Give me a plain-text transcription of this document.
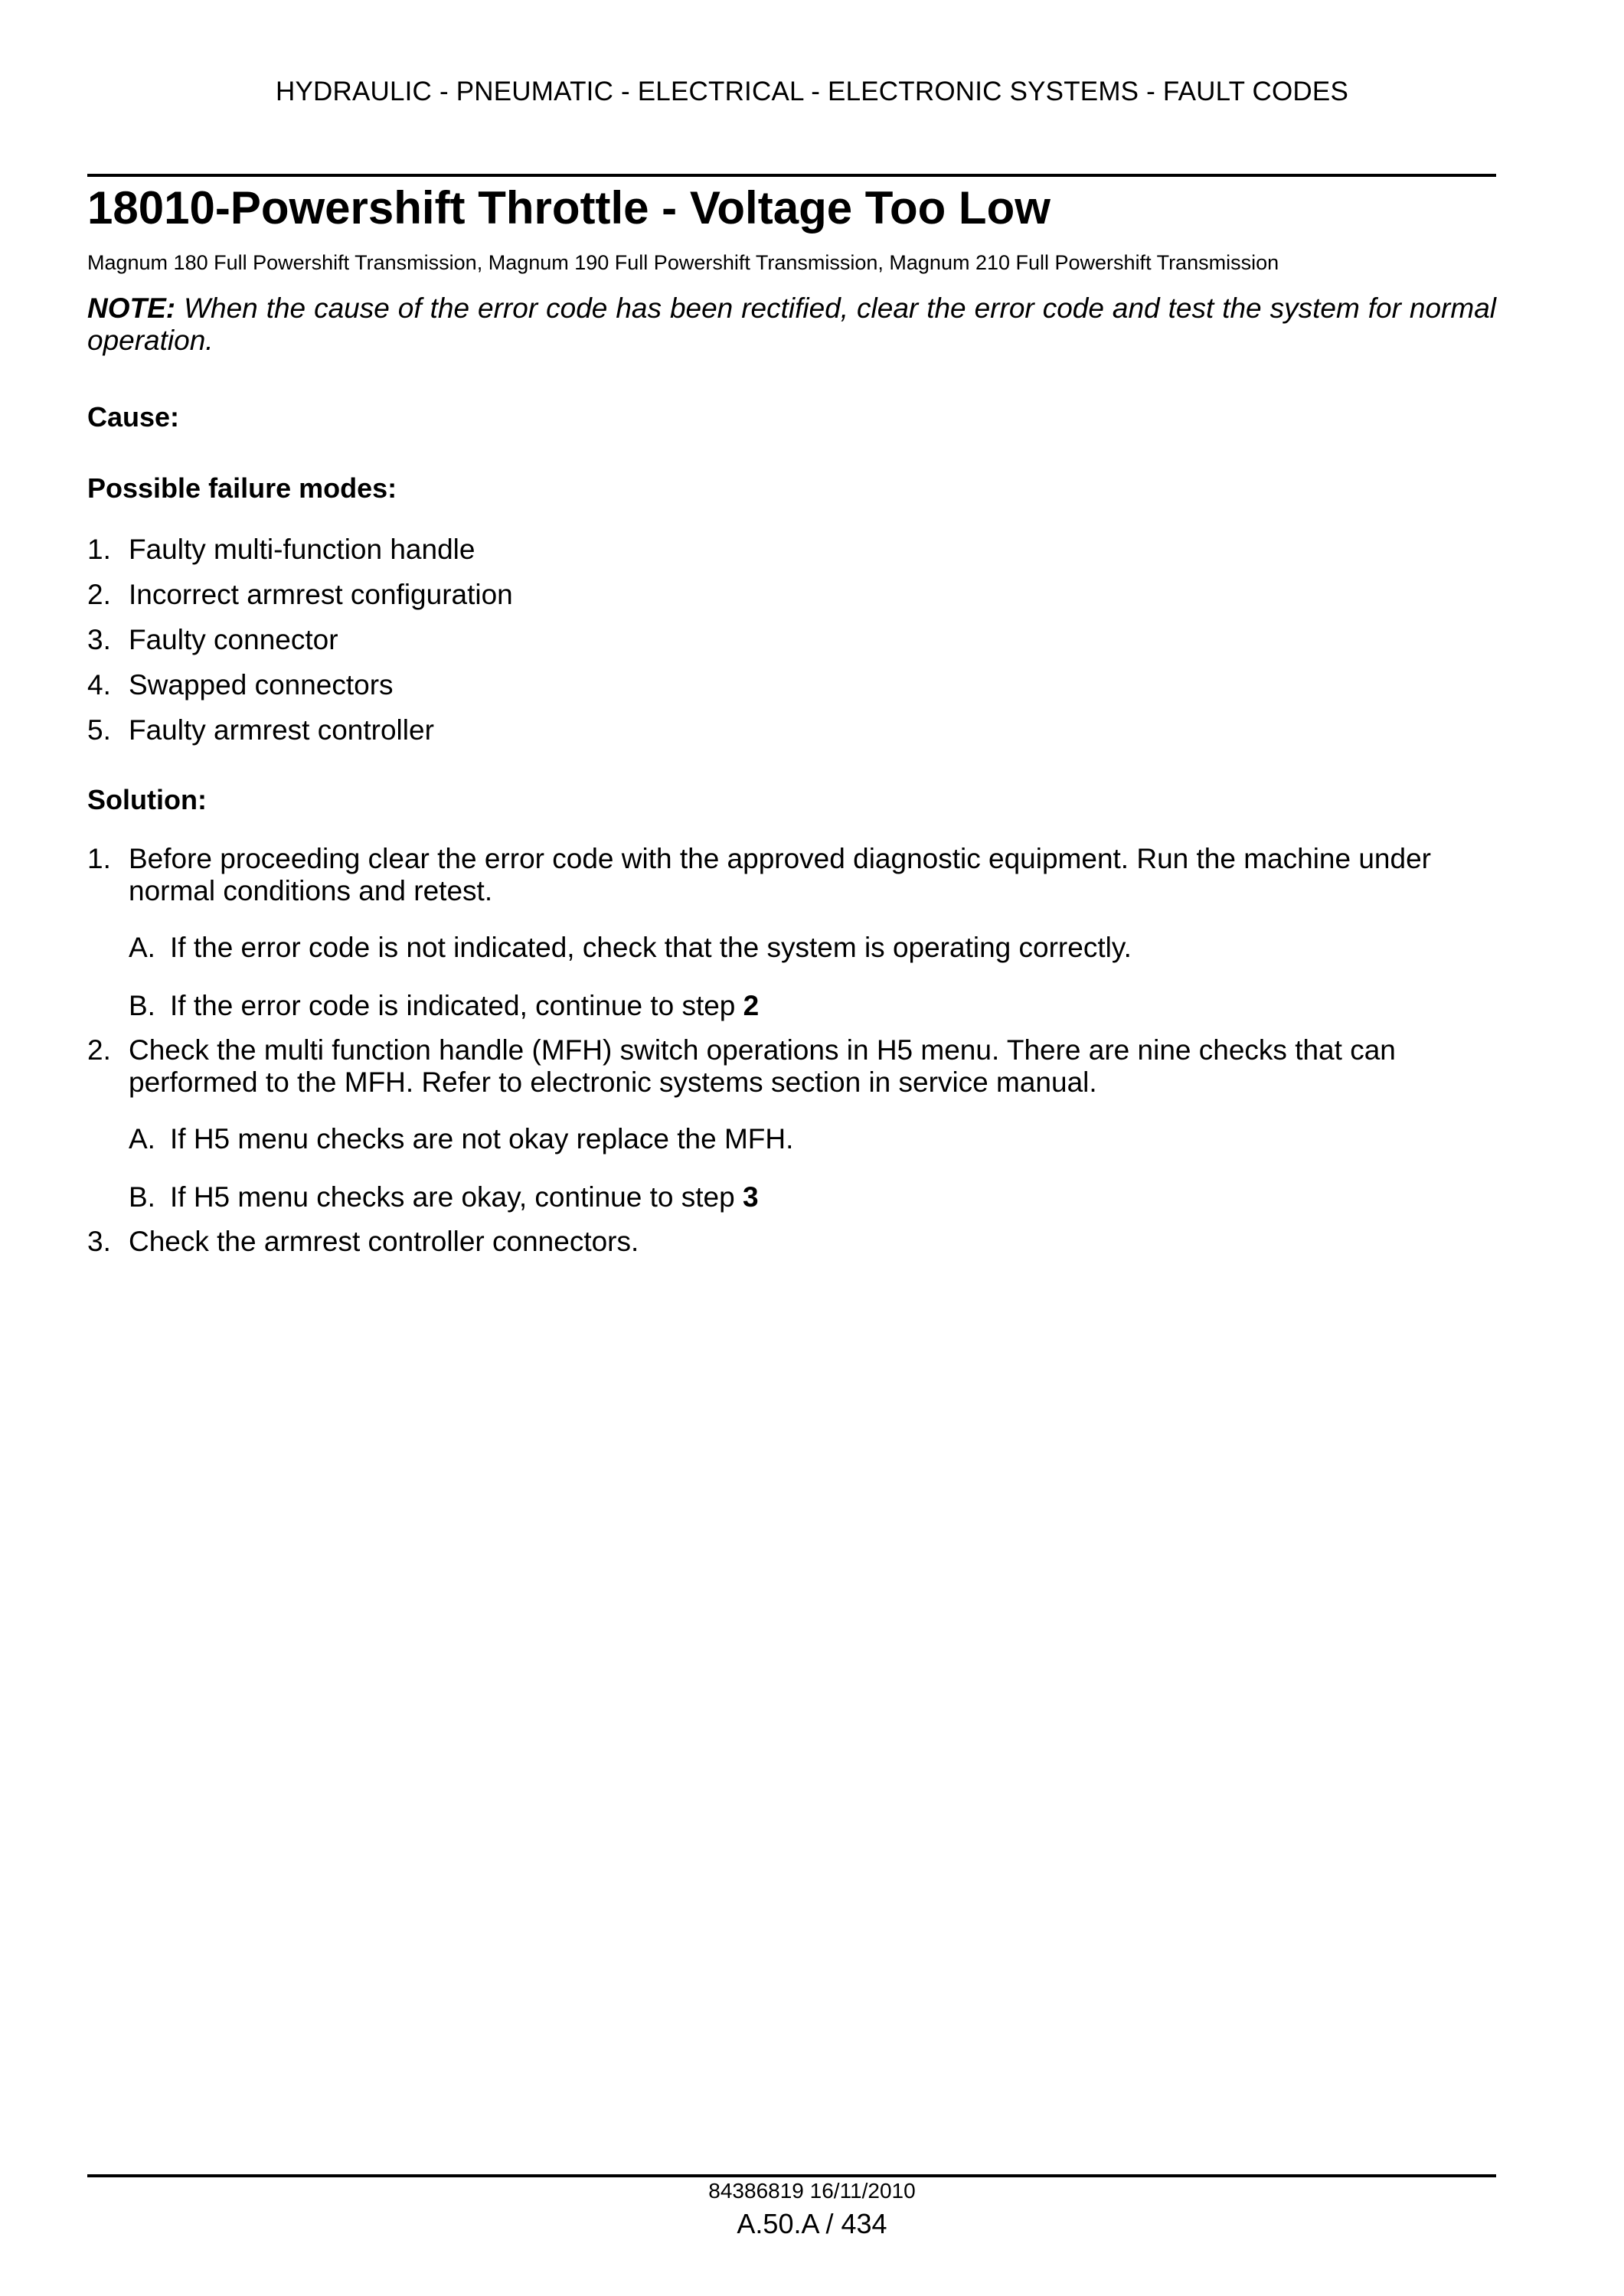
HYDRAULIC - PNEUMATIC - ELECTRICAL - ELECTRONIC SYSTEMS - FAULT CODES
18010-Powershift Throttle - Voltage Too Low
Magnum 180 Full Powershift Transmission, Magnum 190 Full Powershift Transmission, Magnum 210 Full Powershift Transmission
NOTE: When the cause of the error code has been rectified, clear the error code and test the system for normal operation.
Cause:
Possible failure modes:
1. Faulty multi-function handle
2. Incorrect armrest configuration
3. Faulty connector
4. Swapped connectors
5. Faulty armrest controller
Solution:
1. Before proceeding clear the error code with the approved diagnostic equipment. Run the machine under normal conditions and retest.
A. If the error code is not indicated, check that the system is operating correctly.
B. If the error code is indicated, continue to step 2
2. Check the multi function handle (MFH) switch operations in H5 menu. There are nine checks that can performed to the MFH. Refer to electronic systems section in service manual.
A. If H5 menu checks are not okay replace the MFH.
B. If H5 menu checks are okay, continue to step 3
3. Check the armrest controller connectors.
84386819 16/11/2010
A.50.A / 434
